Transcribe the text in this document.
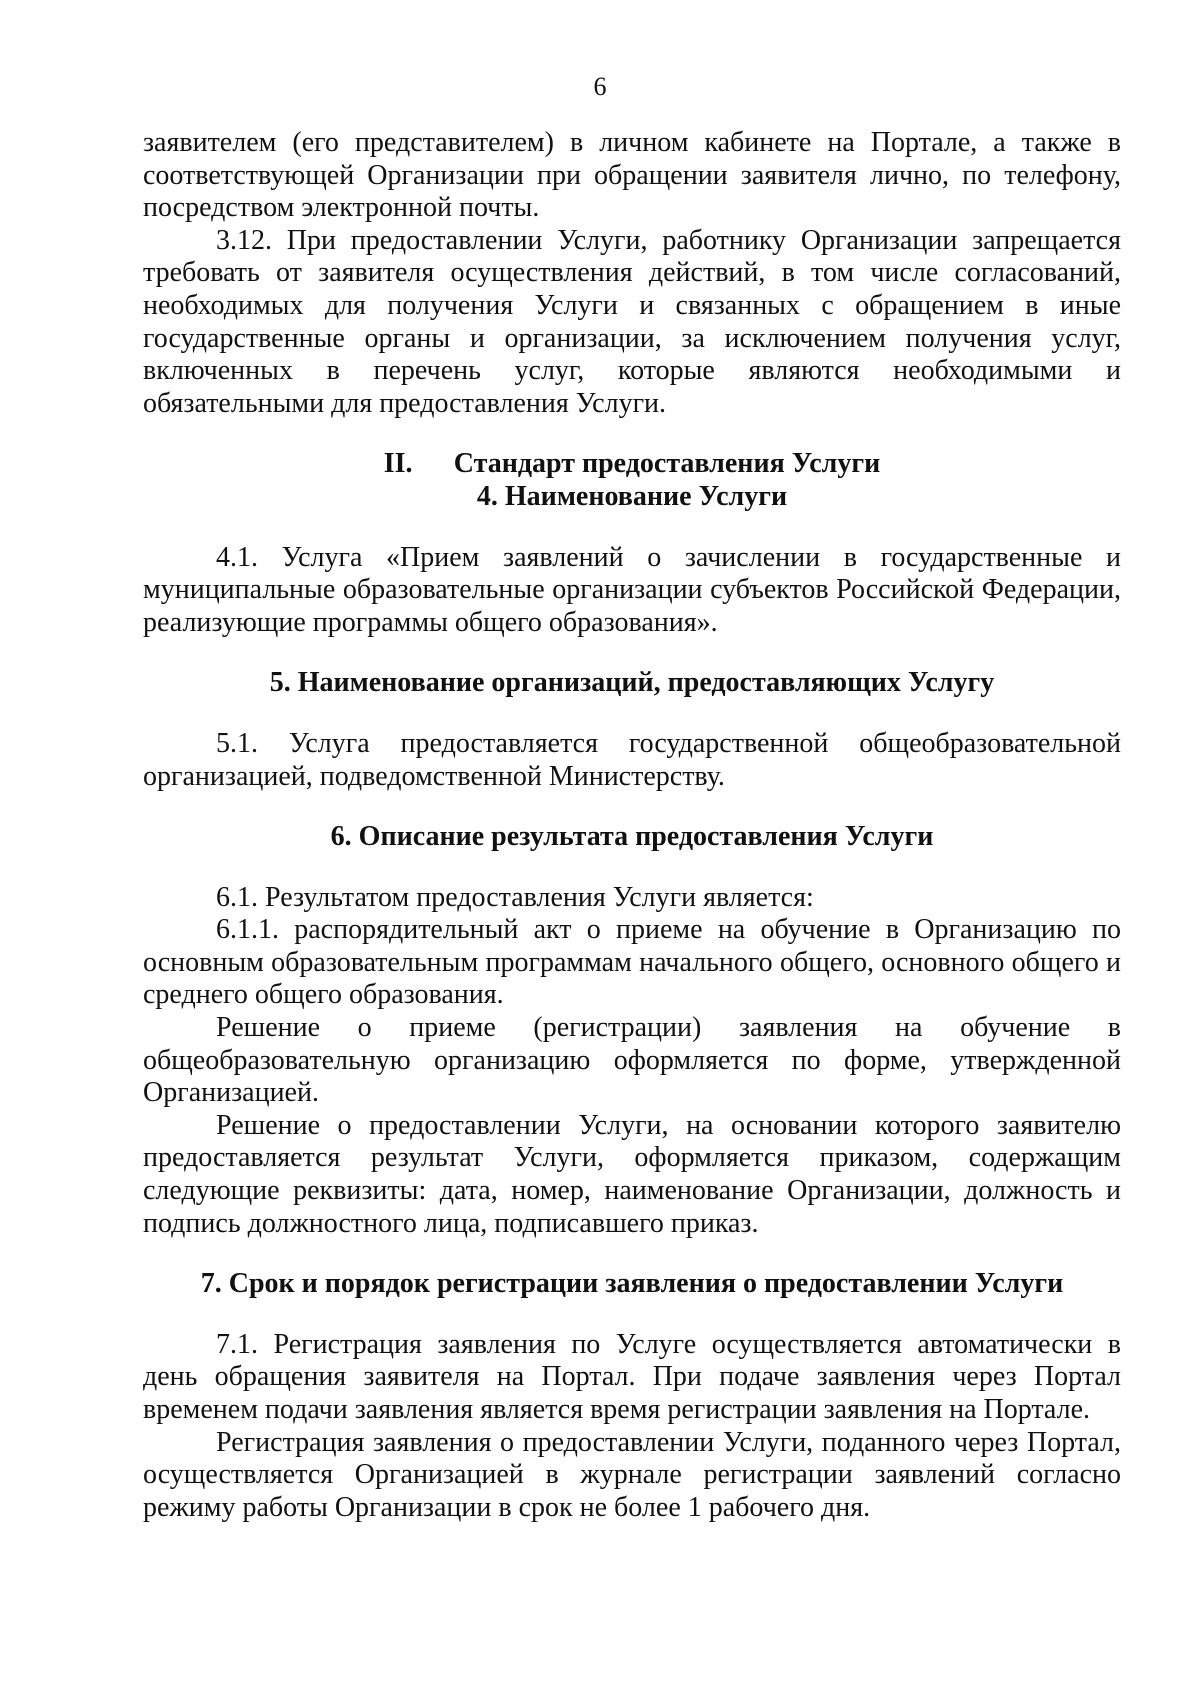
6

заявителем (его представителем) в личном кабинете на Портале, а также в соответствующей Организации при обращении заявителя лично, по телефону, посредством электронной почты.

3.12. При предоставлении Услуги, работнику Организации запрещается требовать от заявителя осуществления действий, в том числе согласований, необходимых для получения Услуги и связанных с обращением в иные государственные органы и организации, за исключением получения услуг, включенных в перечень услуг, которые являются необходимыми и обязательными для предоставления Услуги.

II. Стандарт предоставления Услуги

4. Наименование Услуги

4.1. Услуга «Прием заявлений о зачислении в государственные и муниципальные образовательные организации субъектов Российской Федерации, реализующие программы общего образования».

5. Наименование организаций, предоставляющих Услугу

5.1. Услуга предоставляется государственной общеобразовательной организацией, подведомственной Министерству.

6. Описание результата предоставления Услуги

6.1. Результатом предоставления Услуги является:

6.1.1. распорядительный акт о приеме на обучение в Организацию по основным образовательным программам начального общего, основного общего и среднего общего образования.

Решение о приеме (регистрации) заявления на обучение в общеобразовательную организацию оформляется по форме, утвержденной Организацией.

Решение о предоставлении Услуги, на основании которого заявителю предоставляется результат Услуги, оформляется приказом, содержащим следующие реквизиты: дата, номер, наименование Организации, должность и подпись должностного лица, подписавшего приказ.

7. Срок и порядок регистрации заявления о предоставлении Услуги

7.1. Регистрация заявления по Услуге осуществляется автоматически в день обращения заявителя на Портал. При подаче заявления через Портал временем подачи заявления является время регистрации заявления на Портале.

Регистрация заявления о предоставлении Услуги, поданного через Портал, осуществляется Организацией в журнале регистрации заявлений согласно режиму работы Организации в срок не более 1 рабочего дня.
